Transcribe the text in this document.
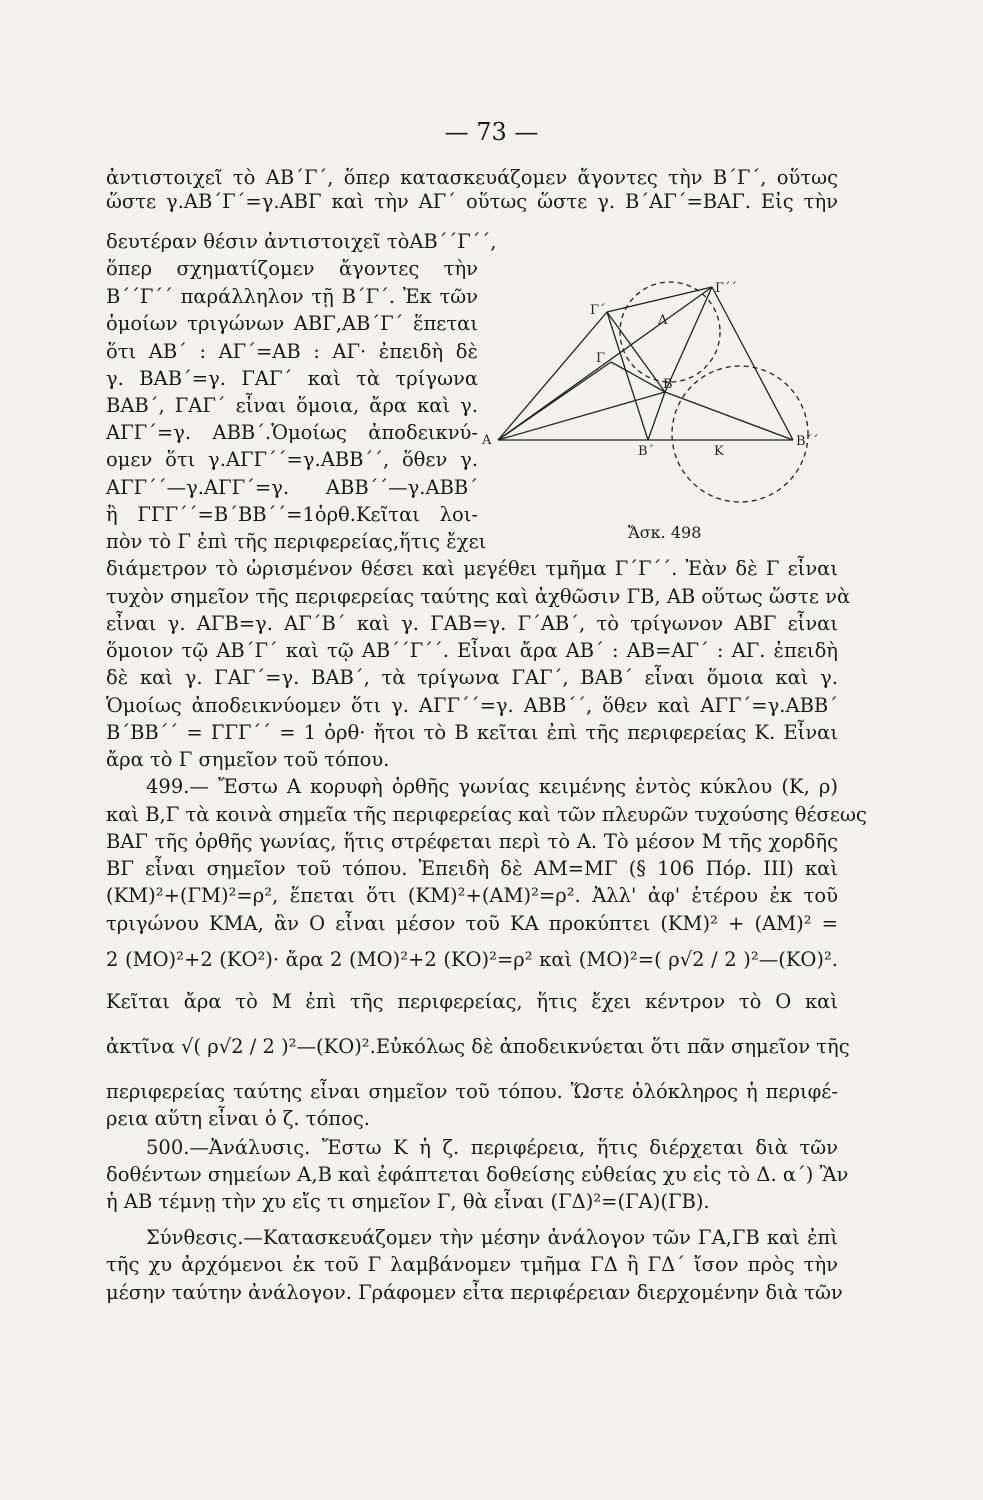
— 73 —
ἀντιστοιχεῖ τὸ ΑΒ΄Γ΄, ὅπερ κατασκευάζομεν ἄγοντες τὴν Β΄Γ΄, οὕτως
ὥστε γ.ΑΒ΄Γ΄=γ.ΑΒΓ καὶ τὴν ΑΓ΄ οὕτως ὥστε γ. Β΄ΑΓ΄=ΒΑΓ. Εἰς τὴν
δευτέραν θέσιν ἀντιστοιχεῖ τὸΑΒ΄΄Γ΄΄,
ὅπερ σχηματίζομεν ἄγοντες τὴν
Β΄΄Γ΄΄ παράλληλον τῇ Β΄Γ΄. Ἐκ τῶν
ὁμοίων τριγώνων ΑΒΓ,ΑΒ΄Γ΄ ἕπεται
ὅτι ΑΒ΄ : ΑΓ΄=ΑΒ : ΑΓ· ἐπειδὴ δὲ
γ. ΒΑΒ΄=γ. ΓΑΓ΄ καὶ τὰ τρίγωνα
ΒΑΒ΄, ΓΑΓ΄ εἶναι ὅμοια, ἄρα καὶ γ.
ΑΓΓ΄=γ. ΑΒΒ΄.Ὁμοίως ἀποδεικνύ-
ομεν ὅτι γ.ΑΓΓ΄΄=γ.ΑΒΒ΄΄, ὅθεν γ.
ΑΓΓ΄΄—γ.ΑΓΓ΄=γ. ΑΒΒ΄΄—γ.ΑΒΒ΄
ἢ ΓΓΓ΄΄=Β΄ΒΒ΄΄=1ὀρθ.Κεῖται λοι-
πὸν τὸ Γ ἐπὶ τῆς περιφερείας,ἥτις ἔχει
διάμετρον τὸ ὡρισμένον θέσει καὶ μεγέθει τμῆμα Γ΄Γ΄΄. Ἐὰν δὲ Γ εἶναι
τυχὸν σημεῖον τῆς περιφερείας ταύτης καὶ ἀχθῶσιν ΓΒ, ΑΒ οὕτως ὥστε νὰ
εἶναι γ. ΑΓΒ=γ. ΑΓ΄Β΄ καὶ γ. ΓΑΒ=γ. Γ΄ΑΒ΄, τὸ τρίγωνον ΑΒΓ εἶναι
ὅμοιον τῷ ΑΒ΄Γ΄ καὶ τῷ ΑΒ΄΄Γ΄΄. Εἶναι ἄρα ΑΒ΄ : ΑΒ=ΑΓ΄ : ΑΓ. ἐπειδὴ
δὲ καὶ γ. ΓΑΓ΄=γ. ΒΑΒ΄, τὰ τρίγωνα ΓΑΓ΄, ΒΑΒ΄ εἶναι ὅμοια καὶ γ.
Ὁμοίως ἀποδεικνύομεν ὅτι γ. ΑΓΓ΄΄=γ. ΑΒΒ΄΄, ὅθεν καὶ ΑΓΓ΄=γ.ΑΒΒ΄
Β΄ΒΒ΄΄ = ΓΓΓ΄΄ = 1 ὀρθ· ἤτοι τὸ Β κεῖται ἐπὶ τῆς περιφερείας Κ. Εἶναι
ἄρα τὸ Γ σημεῖον τοῦ τόπου.
499.— Ἔστω Α κορυφὴ ὀρθῆς γωνίας κειμένης ἐντὸς κύκλου (Κ, ρ)
καὶ Β,Γ τὰ κοινὰ σημεῖα τῆς περιφερείας καὶ τῶν πλευρῶν τυχούσης θέσεως
ΒΑΓ τῆς ὀρθῆς γωνίας, ἥτις στρέφεται περὶ τὸ Α. Τὸ μέσον Μ τῆς χορδῆς
ΒΓ εἶναι σημεῖον τοῦ τόπου. Ἐπειδὴ δὲ ΑΜ=ΜΓ (§ 106 Πόρ. ΙΙΙ) καὶ
(ΚΜ)²+(ΓΜ)²=ρ², ἕπεται ὅτι (ΚΜ)²+(ΑΜ)²=ρ². Ἀλλ' ἀφ' ἑτέρου ἐκ τοῦ
τριγώνου ΚΜΑ, ἂν Ο εἶναι μέσον τοῦ ΚΑ προκύπτει (ΚΜ)² + (ΑΜ)² =
2 (ΜΟ)²+2 (ΚΟ²)· ἄρα 2 (ΜΟ)²+2 (ΚΟ)²=ρ² καὶ (ΜΟ)²=( ρ√2 / 2 )²—(ΚΟ)².
Κεῖται ἄρα τὸ Μ ἐπὶ τῆς περιφερείας, ἥτις ἔχει κέντρον τὸ Ο καὶ
ἀκτῖνα √( ρ√2 / 2 )²—(ΚΟ)².Εὐκόλως δὲ ἀποδεικνύεται ὅτι πᾶν σημεῖον τῆς
περιφερείας ταύτης εἶναι σημεῖον τοῦ τόπου. Ὥστε ὁλόκληρος ἡ περιφέ-
ρεια αὕτη εἶναι ὁ ζ. τόπος.
500.—Ἀνάλυσις. Ἔστω Κ ἡ ζ. περιφέρεια, ἥτις διέρχεται διὰ τῶν
δοθέντων σημείων Α,Β καὶ ἐφάπτεται δοθείσης εὐθείας χυ εἰς τὸ Δ. α΄) Ἂν
ἡ ΑΒ τέμνῃ τὴν χυ εἴς τι σημεῖον Γ, θὰ εἶναι (ΓΔ)²=(ΓΑ)(ΓΒ).
Σύνθεσις.—Κατασκευάζομεν τὴν μέσην ἀνάλογον τῶν ΓΑ,ΓΒ καὶ ἐπὶ
τῆς χυ ἀρχόμενοι ἐκ τοῦ Γ λαμβάνομεν τμῆμα ΓΔ ἢ ΓΔ΄ ἴσον πρὸς τὴν
μέσην ταύτην ἀνάλογον. Γράφομεν εἶτα περιφέρειαν διερχομένην διὰ τῶν
Α
Γ΄
Γ΄΄
Γ
Β
Β΄
Β΄΄
Κ
Λ
Ἄσκ. 498
